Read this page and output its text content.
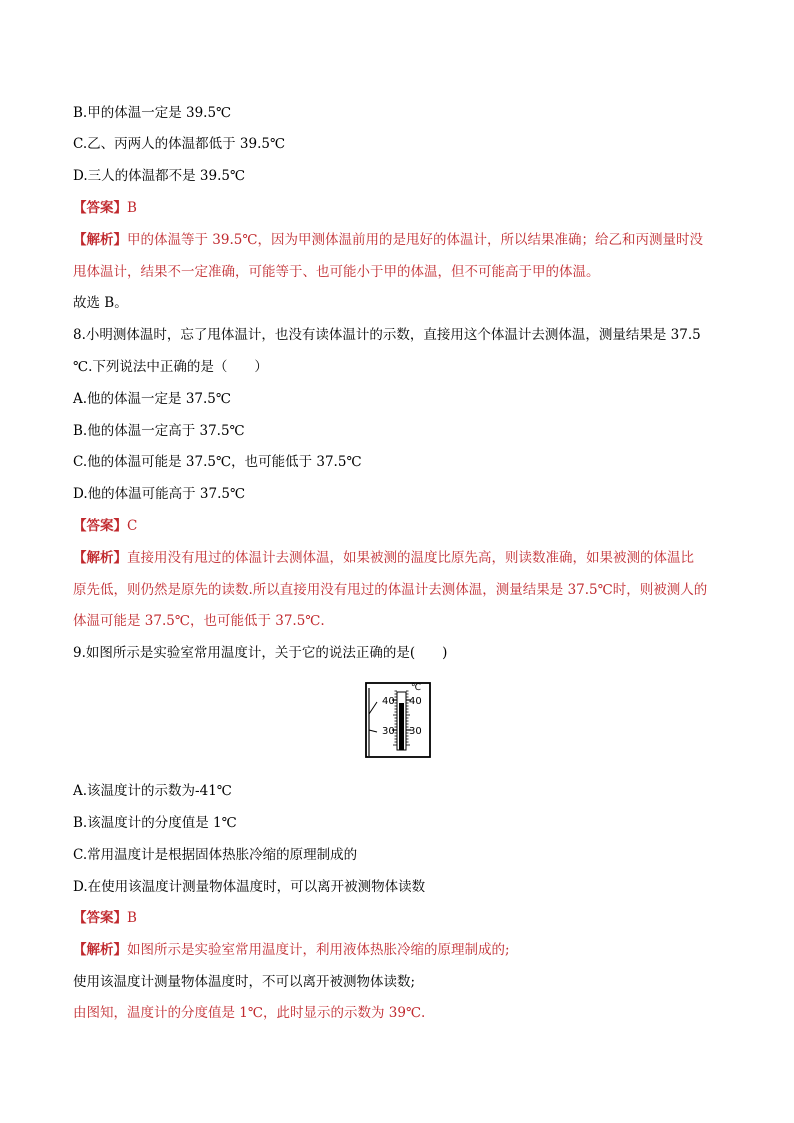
B.甲的体温一定是 39.5℃
C.乙、丙两人的体温都低于 39.5℃
D.三人的体温都不是 39.5℃
【答案】B
【解析】甲的体温等于 39.5℃，因为甲测体温前用的是甩好的体温计，所以结果准确；给乙和丙测量时没
甩体温计，结果不一定准确，可能等于、也可能小于甲的体温，但不可能高于甲的体温。
故选 B。
8.小明测体温时，忘了甩体温计，也没有读体温计的示数，直接用这个体温计去测体温，测量结果是 37.5
℃.下列说法中正确的是（　　）
A.他的体温一定是 37.5℃
B.他的体温一定高于 37.5℃
C.他的体温可能是 37.5℃，也可能低于 37.5℃
D.他的体温可能高于 37.5℃
【答案】C
【解析】直接用没有甩过的体温计去测体温，如果被测的温度比原先高，则读数准确，如果被测的体温比
原先低，则仍然是原先的读数.所以直接用没有甩过的体温计去测体温，测量结果是 37.5℃时，则被测人的
体温可能是 37.5℃，也可能低于 37.5℃.
9.如图所示是实验室常用温度计，关于它的说法正确的是(　　)
℃
40 40
30 30
A.该温度计的示数为-41℃
B.该温度计的分度值是 1℃
C.常用温度计是根据固体热胀冷缩的原理制成的
D.在使用该温度计测量物体温度时，可以离开被测物体读数
【答案】B
【解析】如图所示是实验室常用温度计，利用液体热胀冷缩的原理制成的;
使用该温度计测量物体温度时，不可以离开被测物体读数;
由图知，温度计的分度值是 1℃，此时显示的示数为 39℃.
